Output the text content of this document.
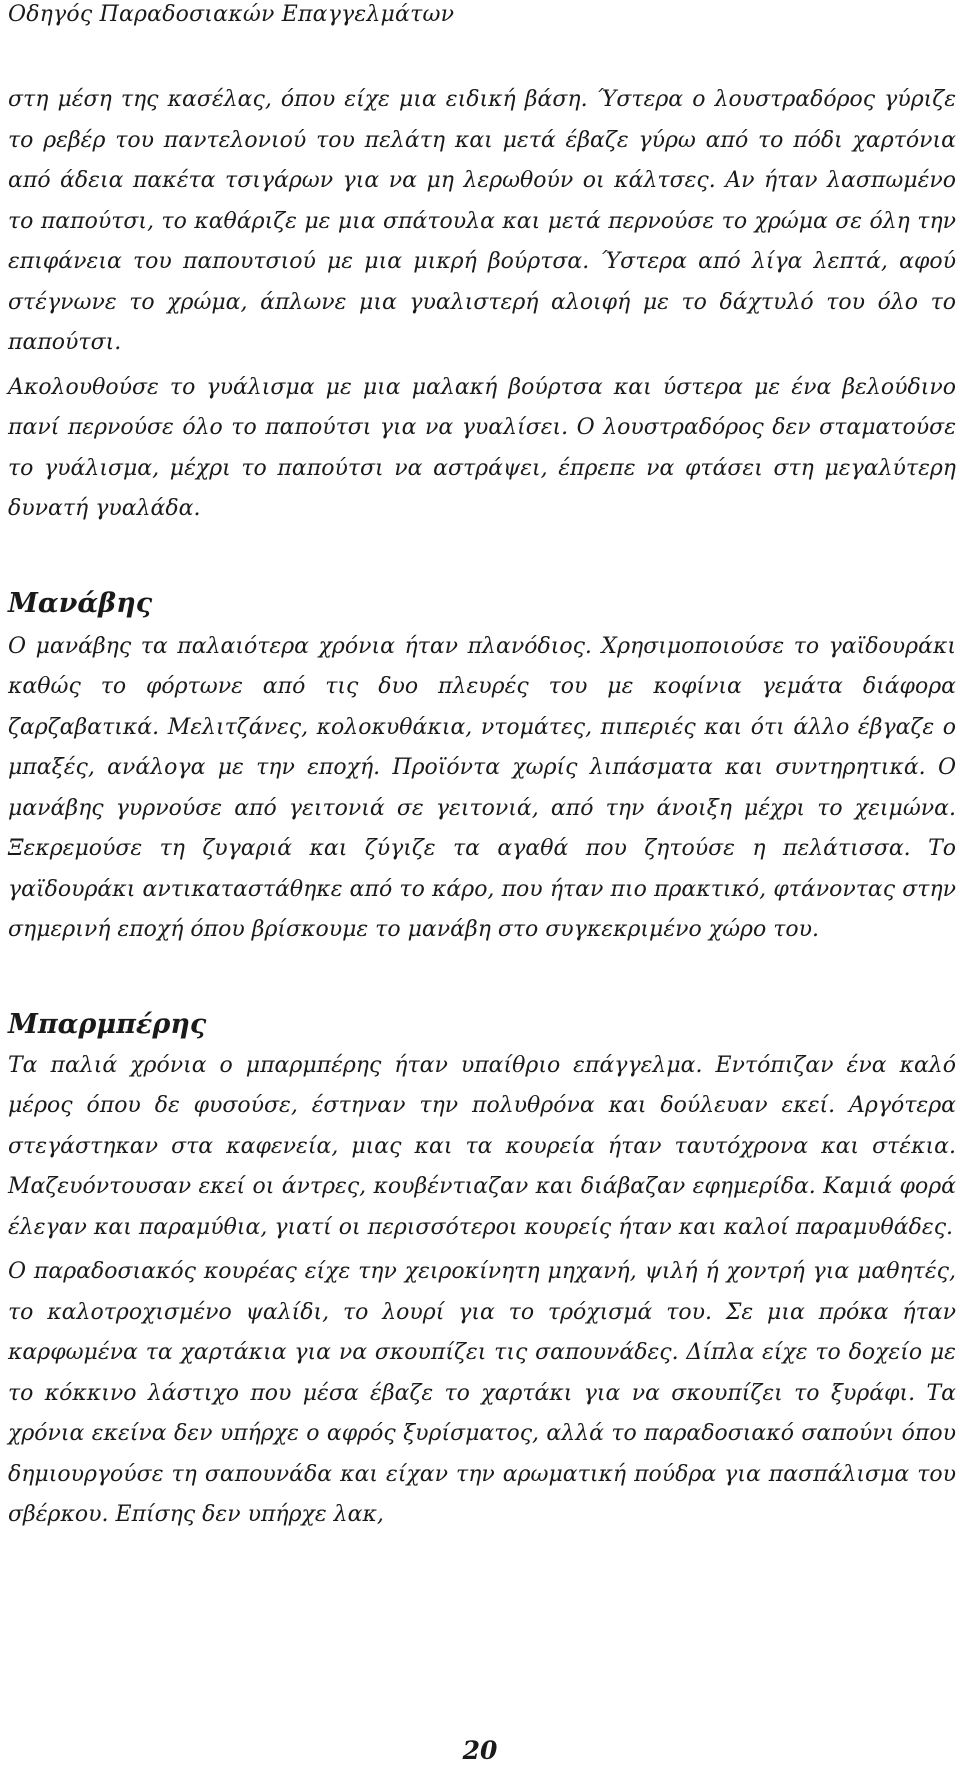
Οδηγός Παραδοσιακών Επαγγελμάτων

στη μέση της κασέλας, όπου είχε μια ειδική βάση. Ύστερα ο λουστραδόρος γύριζε το ρεβέρ του παντελονιού του πελάτη και μετά έβαζε γύρω από το πόδι χαρτόνια από άδεια πακέτα τσιγάρων για να μη λερωθούν οι κάλτσες. Αν ήταν λασπωμένο το παπούτσι, το καθάριζε με μια σπάτουλα και μετά περνούσε το χρώμα σε όλη την επιφάνεια του παπουτσιού με μια μικρή βούρτσα. Ύστερα από λίγα λεπτά, αφού στέγνωνε το χρώμα, άπλωνε μια γυαλιστερή αλοιφή με το δάχτυλό του όλο το παπούτσι.

Ακολουθούσε το γυάλισμα με μια μαλακή βούρτσα και ύστερα με ένα βελούδινο πανί περνούσε όλο το παπούτσι για να γυαλίσει. Ο λουστραδόρος δεν σταματούσε το γυάλισμα, μέχρι το παπούτσι να αστράψει, έπρεπε να φτάσει στη μεγαλύτερη δυνατή γυαλάδα.

Μανάβης

Ο μανάβης τα παλαιότερα χρόνια ήταν πλανόδιος. Χρησιμοποιούσε το γαϊδουράκι καθώς το φόρτωνε από τις δυο πλευρές του με κοφίνια γεμάτα διάφορα ζαρζαβατικά. Μελιτζάνες, κολοκυθάκια, ντομάτες, πιπεριές και ότι άλλο έβγαζε ο μπαξές, ανάλογα με την εποχή. Προϊόντα χωρίς λιπάσματα και συντηρητικά. Ο μανάβης γυρνούσε από γειτονιά σε γειτονιά, από την άνοιξη μέχρι το χειμώνα. Ξεκρεμούσε τη ζυγαριά και ζύγιζε τα αγαθά που ζητούσε η πελάτισσα. Το γαϊδουράκι αντικαταστάθηκε από το κάρο, που ήταν πιο πρακτικό, φτάνοντας στην σημερινή εποχή όπου βρίσκουμε το μανάβη στο συγκεκριμένο χώρο του.

Μπαρμπέρης

Τα παλιά χρόνια ο μπαρμπέρης ήταν υπαίθριο επάγγελμα. Εντόπιζαν ένα καλό μέρος όπου δε φυσούσε, έστηναν την πολυθρόνα και δούλευαν εκεί. Αργότερα στεγάστηκαν στα καφενεία, μιας και τα κουρεία ήταν ταυτόχρονα και στέκια. Μαζευόντουσαν εκεί οι άντρες, κουβέντιαζαν και διάβαζαν εφημερίδα. Καμιά φορά έλεγαν και παραμύθια, γιατί οι περισσότεροι κουρείς ήταν και καλοί παραμυθάδες.

Ο παραδοσιακός κουρέας είχε την χειροκίνητη μηχανή, ψιλή ή χοντρή για μαθητές, το καλοτροχισμένο ψαλίδι, το λουρί για το τρόχισμά του. Σε μια πρόκα ήταν καρφωμένα τα χαρτάκια για να σκουπίζει τις σαπουνάδες. Δίπλα είχε το δοχείο με το κόκκινο λάστιχο που μέσα έβαζε το χαρτάκι για να σκουπίζει το ξυράφι. Τα χρόνια εκείνα δεν υπήρχε ο αφρός ξυρίσματος, αλλά το παραδοσιακό σαπούνι όπου δημιουργούσε τη σαπουνάδα και είχαν την αρωματική πούδρα για πασπάλισμα του σβέρκου. Επίσης δεν υπήρχε λακ,

20
